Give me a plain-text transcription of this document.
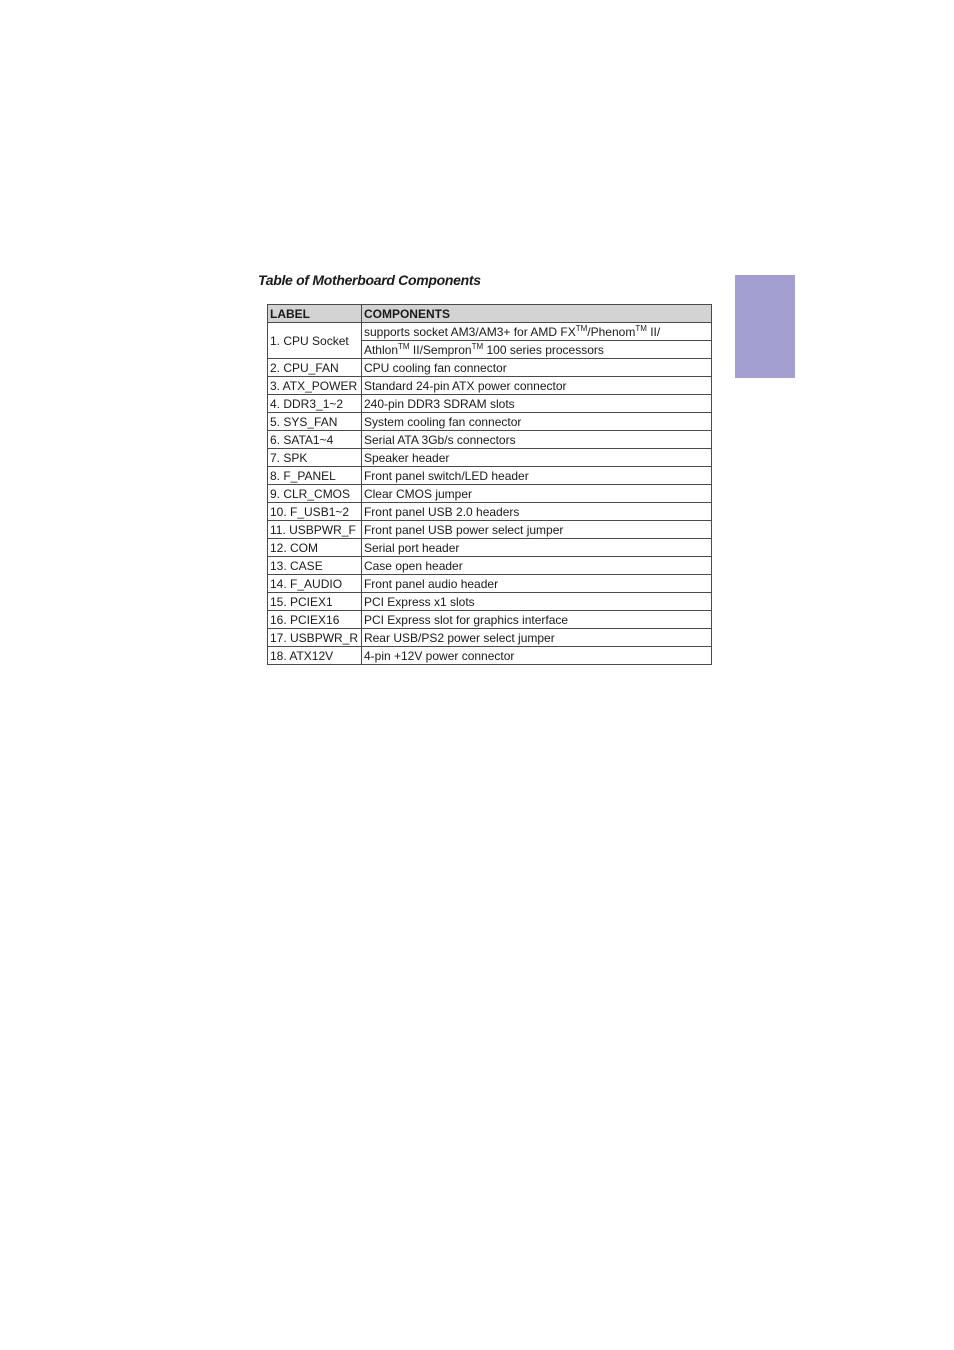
Table of Motherboard Components
LABEL	COMPONENTS
1. CPU Socket	supports socket AM3/AM3+ for AMD FX™/Phenom™ II/
	Athlon™ II/Sempron™ 100 series processors
2. CPU_FAN	CPU cooling fan connector
3. ATX_POWER	Standard 24-pin ATX power connector
4. DDR3_1~2	240-pin DDR3 SDRAM slots
5. SYS_FAN	System cooling fan connector
6. SATA1~4	Serial ATA 3Gb/s connectors
7. SPK	Speaker header
8. F_PANEL	Front panel switch/LED header
9. CLR_CMOS	Clear CMOS jumper
10. F_USB1~2	Front panel USB 2.0 headers
11. USBPWR_F	Front panel USB power select jumper
12. COM	Serial port header
13. CASE	Case open header
14. F_AUDIO	Front panel audio header
15. PCIEX1	PCI Express x1 slots
16. PCIEX16	PCI Express slot for graphics interface
17. USBPWR_R	Rear USB/PS2 power select jumper
18. ATX12V	4-pin +12V power connector
